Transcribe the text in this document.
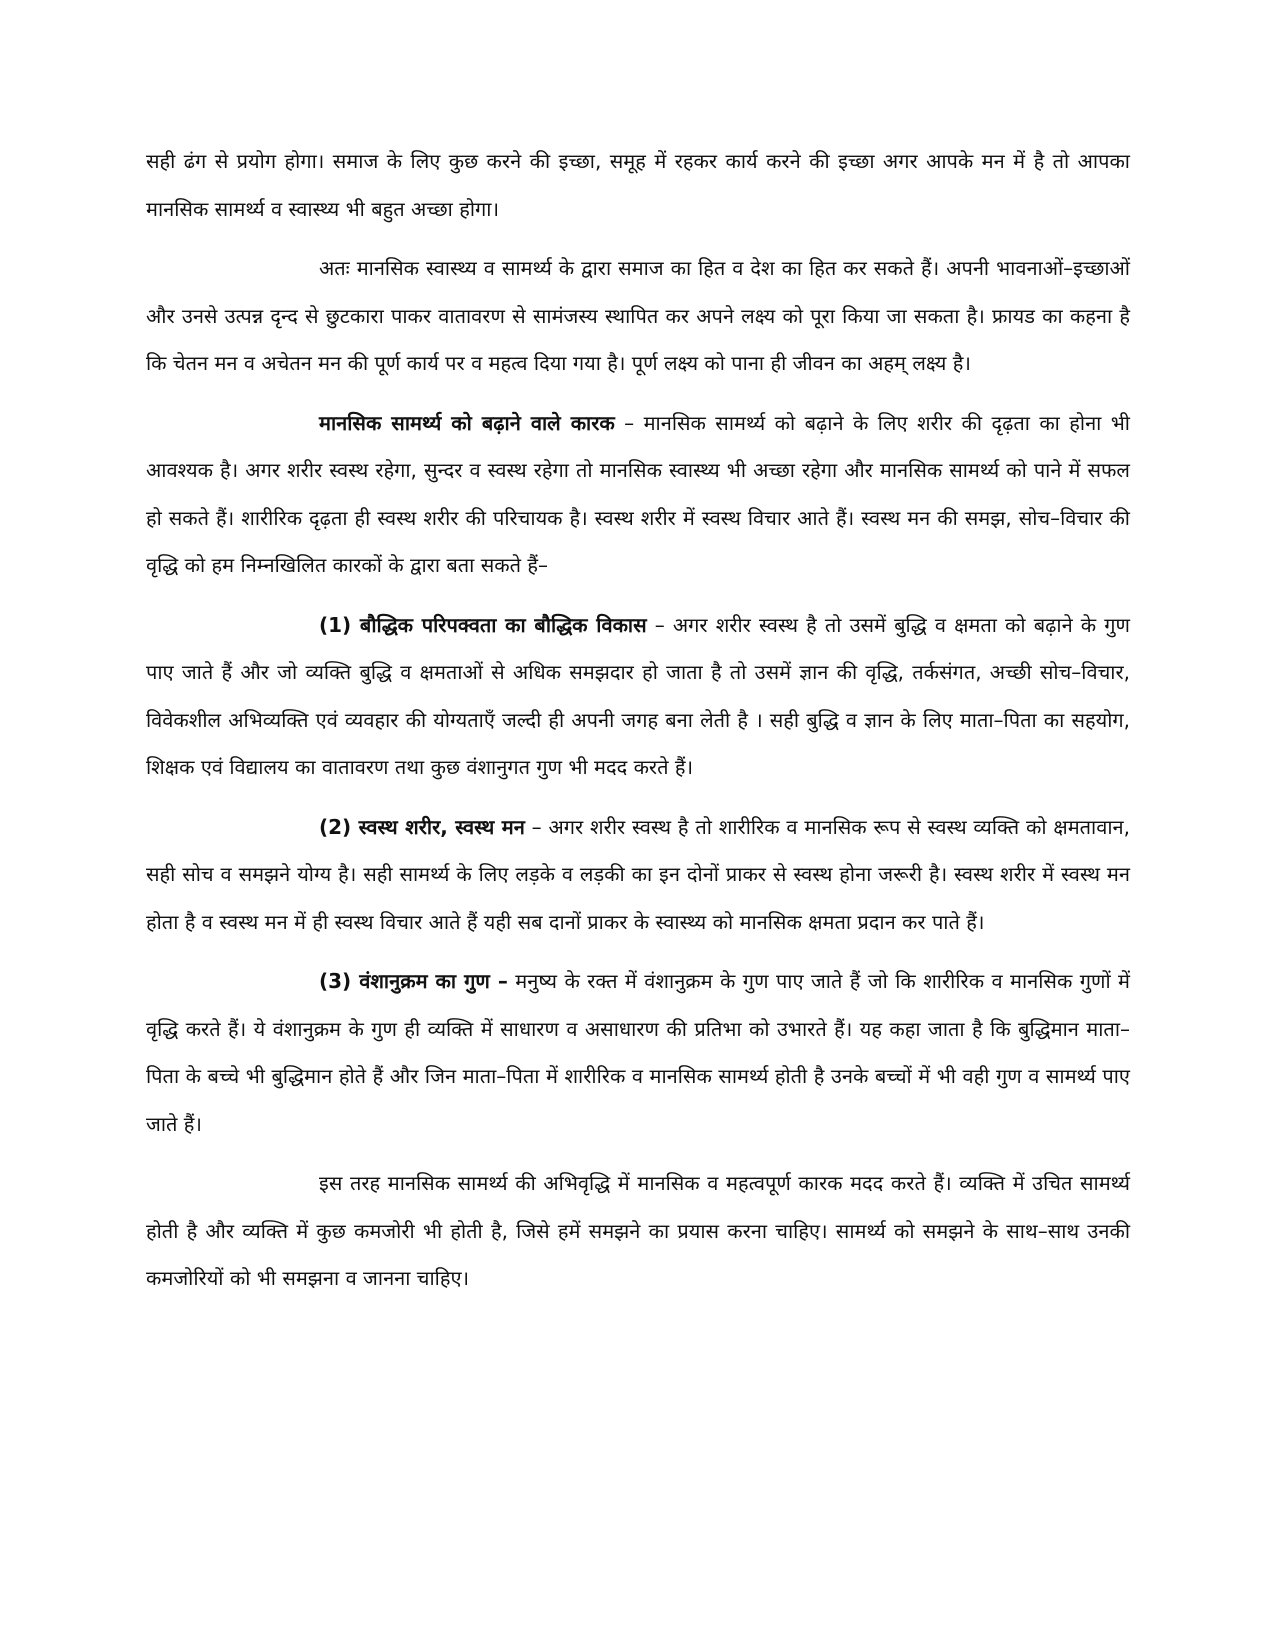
सही ढंग से प्रयोग होगा। समाज के लिए कुछ करने की इच्छा, समूह में रहकर कार्य करने की इच्छा अगर आपके मन में है तो आपका मानसिक सामर्थ्य व स्वास्थ्य भी बहुत अच्छा होगा।

अतः मानसिक स्वास्थ्य व सामर्थ्य के द्वारा समाज का हित व देश का हित कर सकते हैं। अपनी भावनाओं–इच्छाओं और उनसे उत्पन्न दृन्द से छुटकारा पाकर वातावरण से सामंजस्य स्थापित कर अपने लक्ष्य को पूरा किया जा सकता है। फ्रायड का कहना है कि चेतन मन व अचेतन मन की पूर्ण कार्य पर व महत्व दिया गया है। पूर्ण लक्ष्य को पाना ही जीवन का अहम् लक्ष्य है।

मानसिक सामर्थ्य को बढ़ाने वाले कारक – मानसिक सामर्थ्य को बढ़ाने के लिए शरीर की दृढ़ता का होना भी आवश्यक है। अगर शरीर स्वस्थ रहेगा, सुन्दर व स्वस्थ रहेगा तो मानसिक स्वास्थ्य भी अच्छा रहेगा और मानसिक सामर्थ्य को पाने में सफल हो सकते हैं। शारीरिक दृढ़ता ही स्वस्थ शरीर की परिचायक है। स्वस्थ शरीर में स्वस्थ विचार आते हैं। स्वस्थ मन की समझ, सोच–विचार की वृद्धि को हम निम्नखिलित कारकों के द्वारा बता सकते हैं–

(1) बौद्धिक परिपक्वता का बौद्धिक विकास – अगर शरीर स्वस्थ है तो उसमें बुद्धि व क्षमता को बढ़ाने के गुण पाए जाते हैं और जो व्यक्ति बुद्धि व क्षमताओं से अधिक समझदार हो जाता है तो उसमें ज्ञान की वृद्धि, तर्कसंगत, अच्छी सोच–विचार, विवेकशील अभिव्यक्ति एवं व्यवहार की योग्यताएँ जल्दी ही अपनी जगह बना लेती है । सही बुद्धि व ज्ञान के लिए माता–पिता का सहयोग, शिक्षक एवं विद्यालय का वातावरण तथा कुछ वंशानुगत गुण भी मदद करते हैं।

(2) स्वस्थ शरीर, स्वस्थ मन – अगर शरीर स्वस्थ है तो शारीरिक व मानसिक रूप से स्वस्थ व्यक्ति को क्षमतावान, सही सोच व समझने योग्य है। सही सामर्थ्य के लिए लड़के व लड़की का इन दोनों प्राकर से स्वस्थ होना जरूरी है। स्वस्थ शरीर में स्वस्थ मन होता है व स्वस्थ मन में ही स्वस्थ विचार आते हैं यही सब दानों प्राकर के स्वास्थ्य को मानसिक क्षमता प्रदान कर पाते हैं।

(3) वंशानुक्रम का गुण – मनुष्य के रक्त में वंशानुक्रम के गुण पाए जाते हैं जो कि शारीरिक व मानसिक गुणों में वृद्धि करते हैं। ये वंशानुक्रम के गुण ही व्यक्ति में साधारण व असाधारण की प्रतिभा को उभारते हैं। यह कहा जाता है कि बुद्धिमान माता–पिता के बच्चे भी बुद्धिमान होते हैं और जिन माता–पिता में शारीरिक व मानसिक सामर्थ्य होती है उनके बच्चों में भी वही गुण व सामर्थ्य पाए जाते हैं।

इस तरह मानसिक सामर्थ्य की अभिवृद्धि में मानसिक व महत्वपूर्ण कारक मदद करते हैं। व्यक्ति में उचित सामर्थ्य होती है और व्यक्ति में कुछ कमजोरी भी होती है, जिसे हमें समझने का प्रयास करना चाहिए। सामर्थ्य को समझने के साथ–साथ उनकी कमजोरियों को भी समझना व जानना चाहिए।
